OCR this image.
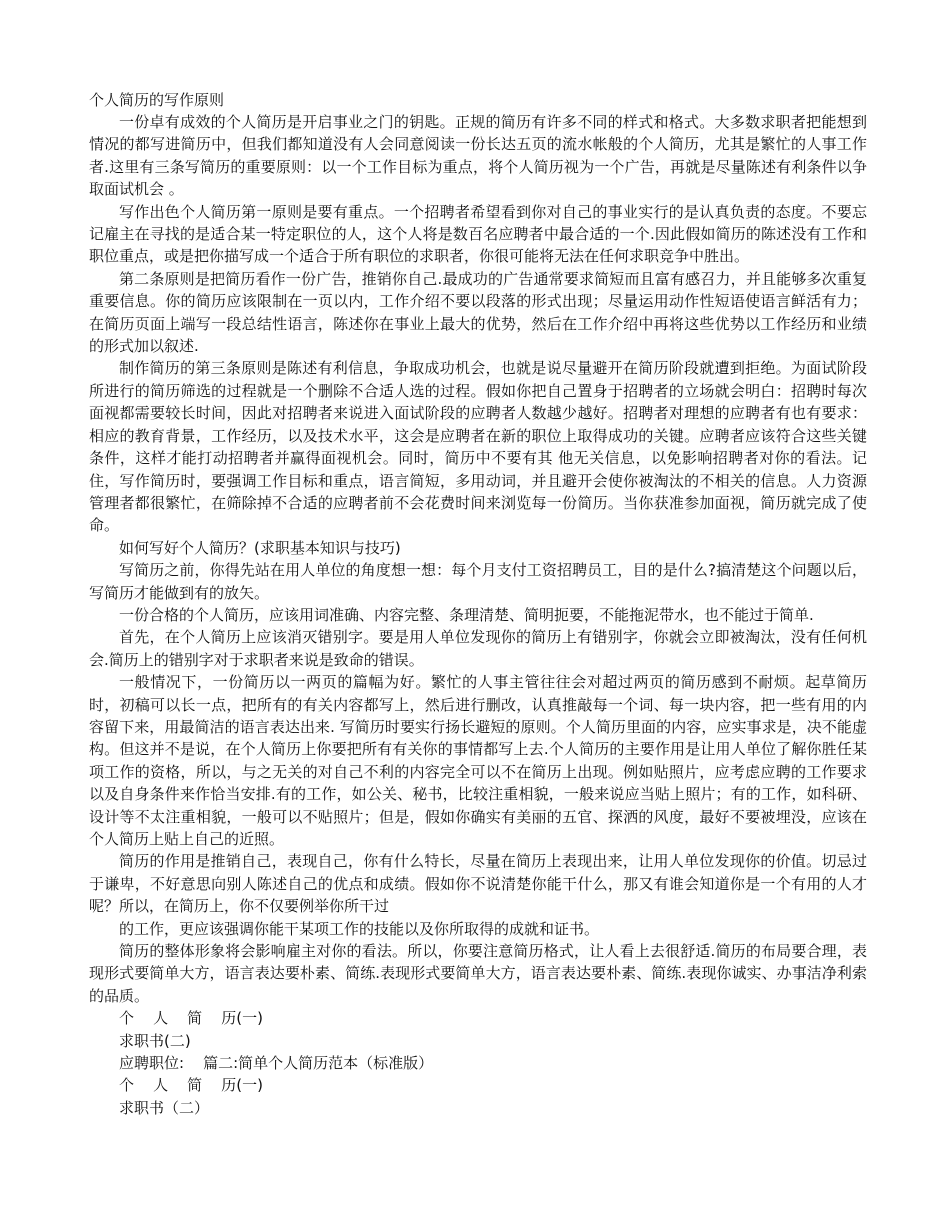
个人简历的写作原则

一份卓有成效的个人简历是开启事业之门的钥匙。正规的简历有许多不同的样式和格式。大多数求职者把能想到情况的都写进简历中，但我们都知道没有人会同意阅读一份长达五页的流水帐般的个人简历，尤其是繁忙的人事工作者.这里有三条写简历的重要原则：以一个工作目标为重点，将个人简历视为一个广告，再就是尽量陈述有利条件以争取面试机会 。

写作出色个人简历第一原则是要有重点。一个招聘者希望看到你对自己的事业实行的是认真负责的态度。不要忘记雇主在寻找的是适合某一特定职位的人，这个人将是数百名应聘者中最合适的一个.因此假如简历的陈述没有工作和职位重点，或是把你描写成一个适合于所有职位的求职者，你很可能将无法在任何求职竞争中胜出。

第二条原则是把简历看作一份广告，推销你自己.最成功的广告通常要求简短而且富有感召力，并且能够多次重复重要信息。你的简历应该限制在一页以内，工作介绍不要以段落的形式出现；尽量运用动作性短语使语言鲜活有力；在简历页面上端写一段总结性语言，陈述你在事业上最大的优势，然后在工作介绍中再将这些优势以工作经历和业绩的形式加以叙述.

制作简历的第三条原则是陈述有利信息，争取成功机会，也就是说尽量避开在简历阶段就遭到拒绝。为面试阶段所进行的简历筛选的过程就是一个删除不合适人选的过程。假如你把自己置身于招聘者的立场就会明白：招聘时每次面视都需要较长时间，因此对招聘者来说进入面试阶段的应聘者人数越少越好。招聘者对理想的应聘者有也有要求：相应的教育背景，工作经历，以及技术水平，这会是应聘者在新的职位上取得成功的关键。应聘者应该符合这些关键条件，这样才能打动招聘者并赢得面视机会。同时，简历中不要有其 他无关信息，以免影响招聘者对你的看法。记住，写作简历时，要强调工作目标和重点，语言简短，多用动词，并且避开会使你被淘汰的不相关的信息。人力资源管理者都很繁忙，在筛除掉不合适的应聘者前不会花费时间来浏览每一份简历。当你获准参加面视，简历就完成了使命。

如何写好个人简历？(求职基本知识与技巧)

写简历之前，你得先站在用人单位的角度想一想：每个月支付工资招聘员工，目的是什么?搞清楚这个问题以后，写简历才能做到有的放矢。

一份合格的个人简历，应该用词准确、内容完整、条理清楚、简明扼要，不能拖泥带水，也不能过于简单.

首先，在个人简历上应该消灭错别字。要是用人单位发现你的简历上有错别字，你就会立即被淘汰，没有任何机会.简历上的错别字对于求职者来说是致命的错误。

一般情况下，一份简历以一两页的篇幅为好。繁忙的人事主管往往会对超过两页的简历感到不耐烦。起草简历时，初稿可以长一点，把所有的有关内容都写上，然后进行删改，认真推敲每一个词、每一块内容，把一些有用的内容留下来，用最简洁的语言表达出来. 写简历时要实行扬长避短的原则。个人简历里面的内容，应实事求是，决不能虚构。但这并不是说，在个人简历上你要把所有有关你的事情都写上去.个人简历的主要作用是让用人单位了解你胜任某项工作的资格，所以，与之无关的对自己不利的内容完全可以不在简历上出现。例如贴照片，应考虑应聘的工作要求以及自身条件来作恰当安排.有的工作，如公关、秘书，比较注重相貌，一般来说应当贴上照片；有的工作，如科研、设计等不太注重相貌，一般可以不贴照片；但是，假如你确实有美丽的五官、探洒的风度，最好不要被埋没，应该在个人简历上贴上自己的近照。

简历的作用是推销自己，表现自己，你有什么特长，尽量在简历上表现出来，让用人单位发现你的价值。切忌过于谦卑，不好意思向别人陈述自己的优点和成绩。假如你不说清楚你能干什么，那又有谁会知道你是一个有用的人才呢？所以，在简历上，你不仅要例举你所干过

的工作，更应该强调你能干某项工作的技能以及你所取得的成就和证书。

简历的整体形象将会影响雇主对你的看法。所以，你要注意简历格式，让人看上去很舒适.简历的布局要合理，表现形式要简单大方，语言表达要朴素、简练.表现形式要简单大方，语言表达要朴素、简练.表现你诚实、办事洁净利索的品质。

个    人    简    历(一)
求职书(二)
应聘职位:    篇二:简单个人简历范本（标准版）
个    人    简    历(一)
求职书（二）
